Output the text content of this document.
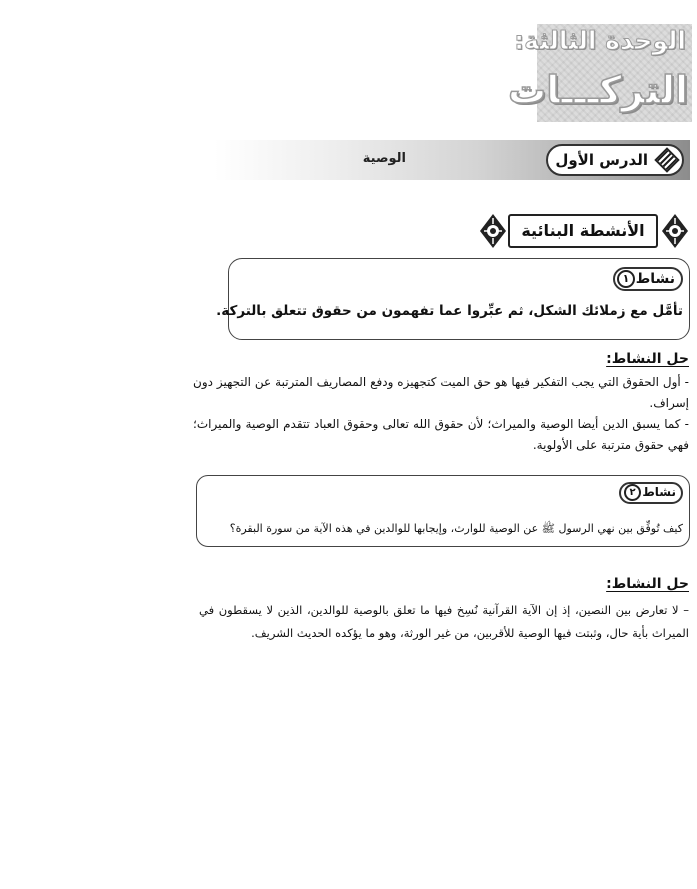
الوحدة الثالثة:
التركـــات
الدرس الأول
الوصية
الأنشطة البنائية
نشاط
١
تأمَّل مع زملائك الشكل، ثم عبِّروا عما تفهمون من حقوق تتعلق بالتركة.
حل النشاط:
- أول الحقوق التي يجب التفكير فيها هو حق الميت كتجهيزه ودفع المصاريف المترتبة عن التجهيز دون إسراف.
- كما يسبق الدين أيضا الوصية والميراث؛ لأن حقوق الله تعالى وحقوق العباد تتقدم الوصية والميراث؛ فهي حقوق مترتبة على الأولوية.
نشاط
٢
كيف تُوفِّق بين نهي الرسول ﷺ عن الوصية للوارث، وإيجابها للوالدين في هذه الآية من سورة البقرة؟
حل النشاط:
– لا تعارض بين النصين، إذ إن الآية القرآنية نُسِخ فيها ما تعلق بالوصية للوالدين، الذين لا يسقطون في الميراث بأية حال، وثبتت فيها الوصية للأقربين، من غير الورثة، وهو ما يؤكده الحديث الشريف.
